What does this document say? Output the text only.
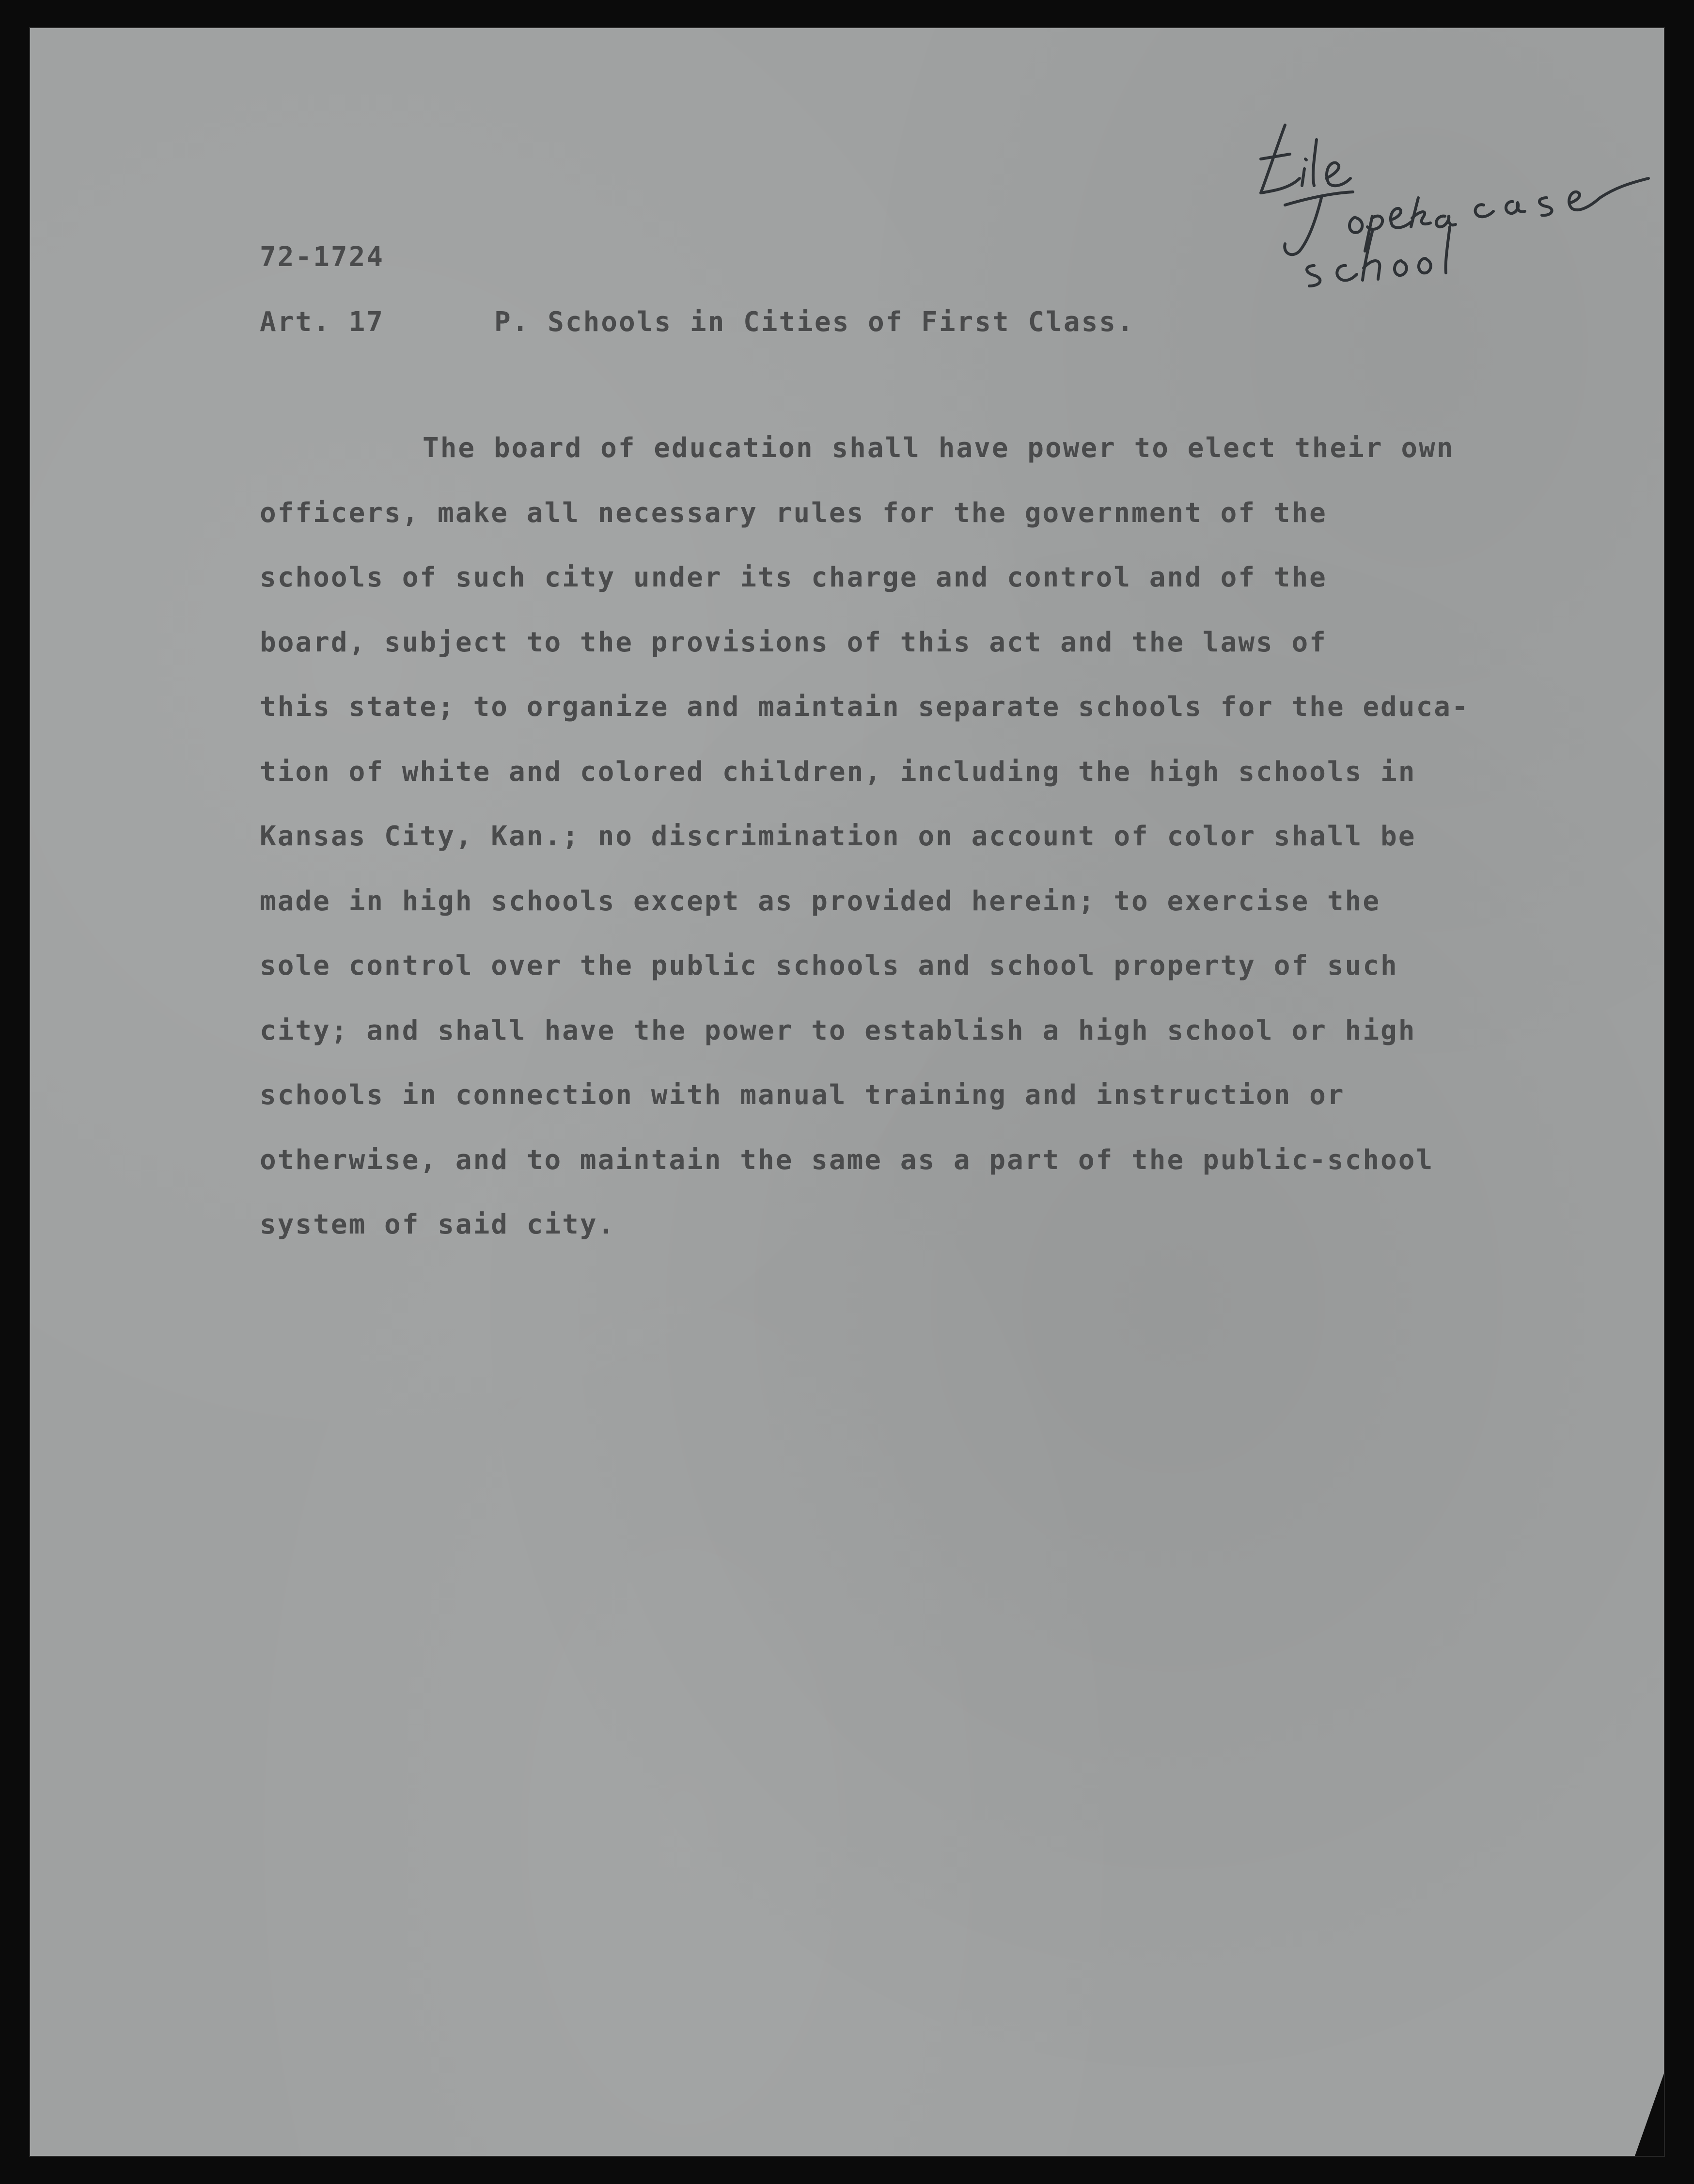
72-1724
Art. 17	P. Schools in Cities of First Class.
The board of education shall have power to elect their own
officers, make all necessary rules for the government of the
schools of such city under its charge and control and of the
board, subject to the provisions of this act and the laws of
this state; to organize and maintain separate schools for the educa-
tion of white and colored children, including the high schools in
Kansas City, Kan.; no discrimination on account of color shall be
made in high schools except as provided herein; to exercise the
sole control over the public schools and school property of such
city; and shall have the power to establish a high school or high
schools in connection with manual training and instruction or
otherwise, and to maintain the same as a part of the public-school
system of said city.
